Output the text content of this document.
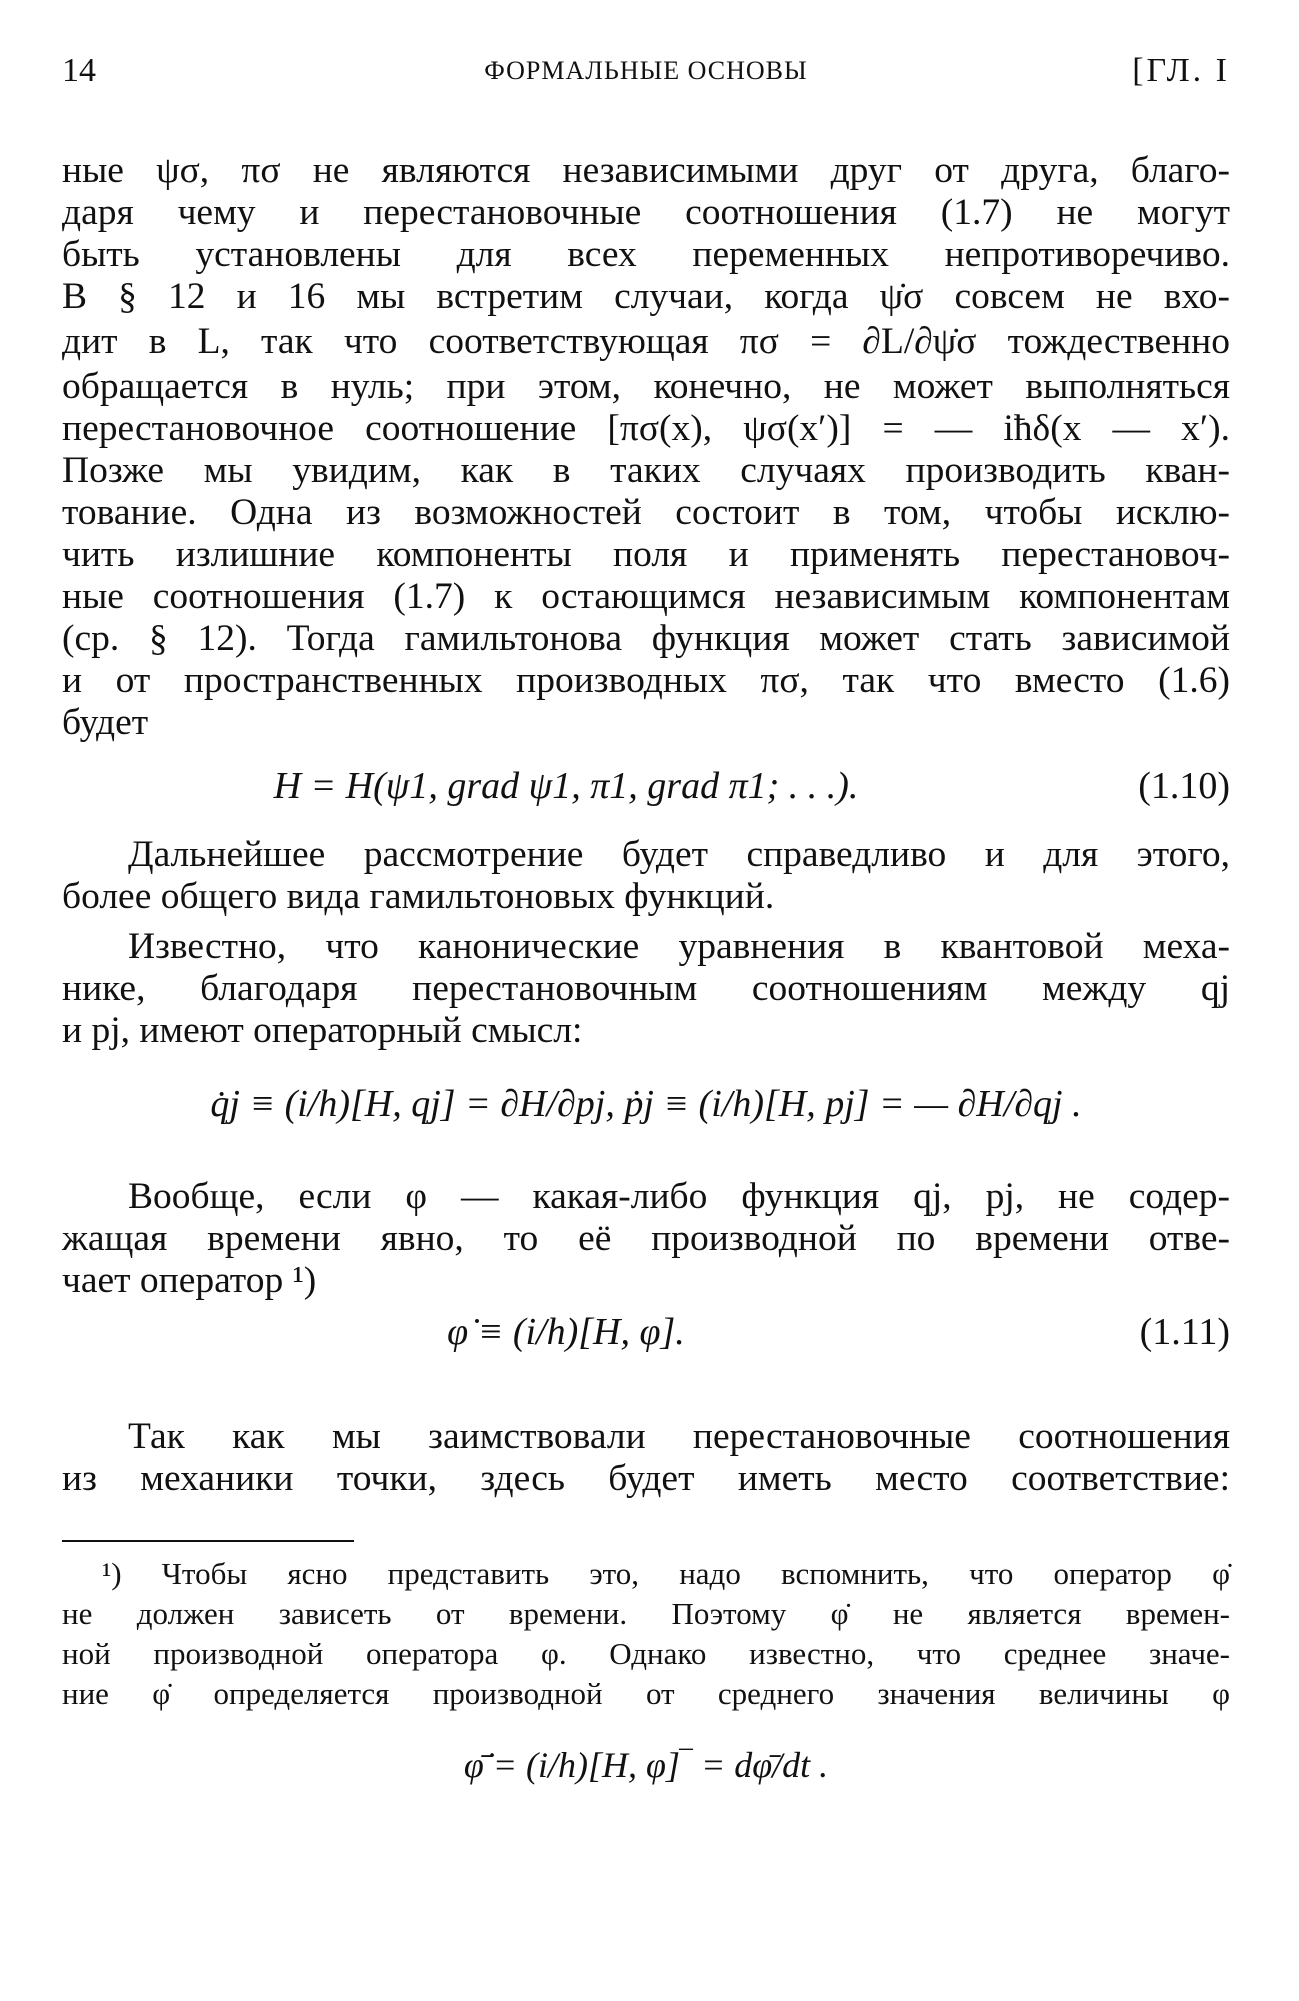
14	ФОРМАЛЬНЫЕ ОСНОВЫ	[ГЛ. I
ные ψσ, πσ не являются независимыми друг от друга, благо-
даря чему и перестановочные соотношения (1.7) не могут
быть установлены для всех переменных непротиворечиво.
В § 12 и 16 мы встретим случаи, когда ψ̇σ совсем не вхо-
дит в L, так что соответствующая πσ = ∂L/∂ψ̇σ тождественно
обращается в нуль; при этом, конечно, не может выполняться
перестановочное соотношение [πσ(x), ψσ(x′)] = — iħδ(x — x′).
Позже мы увидим, как в таких случаях производить кван-
тование. Одна из возможностей состоит в том, чтобы исклю-
чить излишние компоненты поля и применять перестановоч-
ные соотношения (1.7) к остающимся независимым компонентам
(ср. § 12). Тогда гамильтонова функция может стать зависимой
и от пространственных производных πσ, так что вместо (1.6)
будет
H = H(ψ1, grad ψ1, π1, grad π1; . . .).	(1.10)
Дальнейшее рассмотрение будет справедливо и для этого,
более общего вида гамильтоновых функций.
Известно, что канонические уравнения в квантовой меха-
нике, благодаря перестановочным соотношениям между qj
и pj, имеют операторный смысл:
q̇j ≡ (i/h)[H, qj] = ∂H/∂pj, ṗj ≡ (i/h)[H, pj] = — ∂H/∂qj .
Вообще, если φ — какая-либо функция qj, pj, не содер-
жащая времени явно, то её производной по времени отве-
чает оператор ¹)
φ̇ ≡ (i/h)[H, φ].	(1.11)
Так как мы заимствовали перестановочные соотношения
из механики точки, здесь будет иметь место соответствие:
¹) Чтобы ясно представить это, надо вспомнить, что оператор φ̇
не должен зависеть от времени. Поэтому φ̇ не является времен-
ной производной оператора φ. Однако известно, что среднее значе-
ние φ̇ определяется производной от среднего значения величины φ
φ̇̄ = (i/h)[H, φ]‾ = dφ̄/dt .
